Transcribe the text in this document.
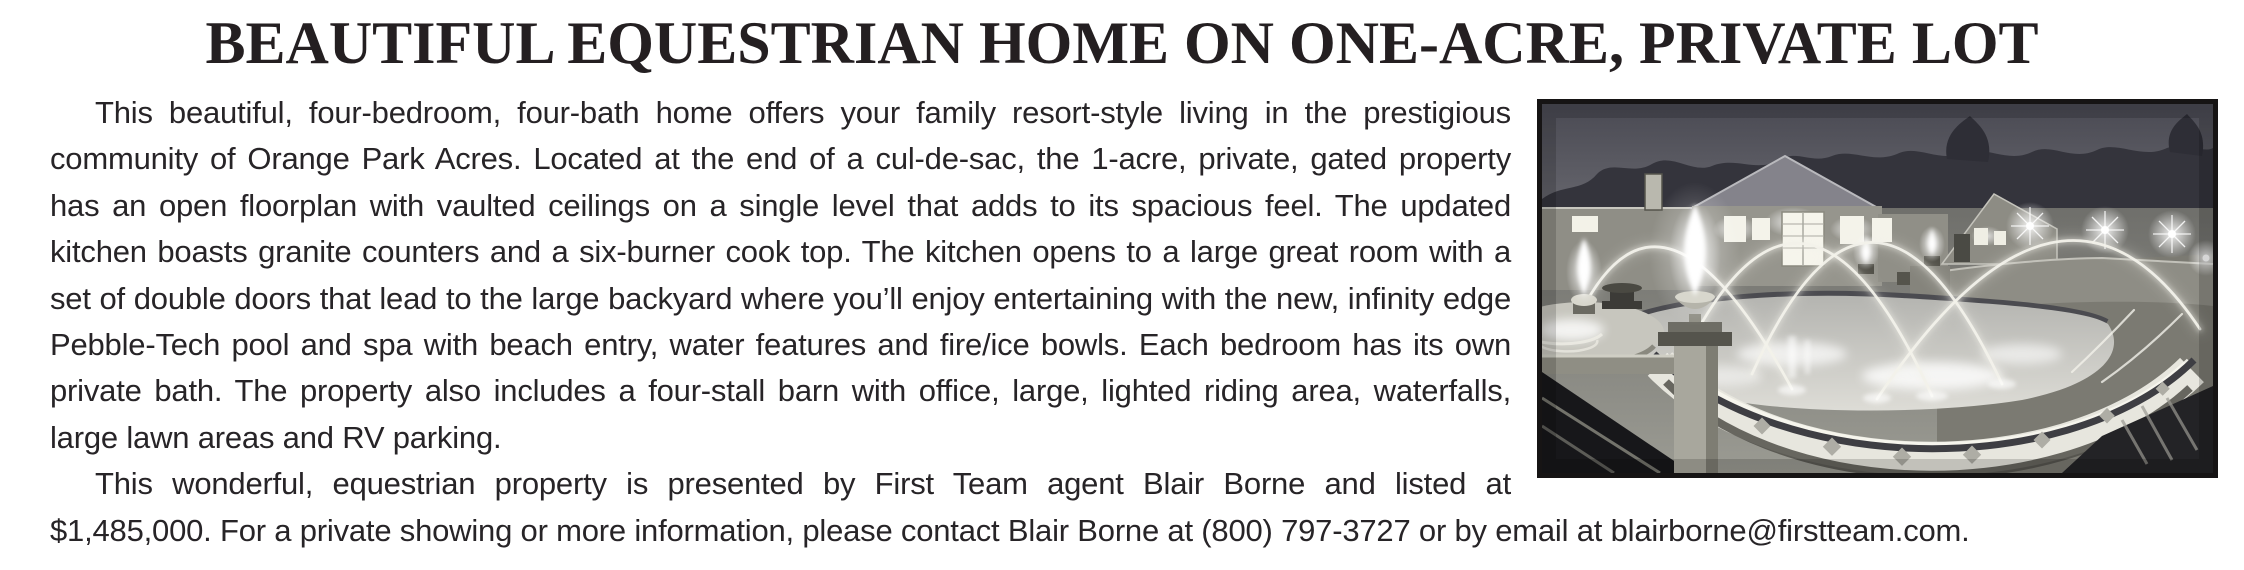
BEAUTIFUL EQUESTRIAN HOME ON ONE-ACRE, PRIVATE LOT

This beautiful, four-bedroom, four-bath home offers your family resort-style living in the prestigious community of Orange Park Acres. Located at the end of a cul-de-sac, the 1-acre, private, gated property has an open floorplan with vaulted ceilings on a single level that adds to its spacious feel. The updated kitchen boasts granite counters and a six-burner cook top. The kitchen opens to a large great room with a set of double doors that lead to the large backyard where you’ll enjoy entertaining with the new, infinity edge Pebble-Tech pool and spa with beach entry, water features and fire/ice bowls. Each bedroom has its own private bath. The property also includes a four-stall barn with office, large, lighted riding area, waterfalls, large lawn areas and RV parking.

This wonderful, equestrian property is presented by First Team agent Blair Borne and listed at $1,485,000. For a private showing or more information, please contact Blair Borne at (800) 797-3727 or by email at blairborne@firstteam.com.
